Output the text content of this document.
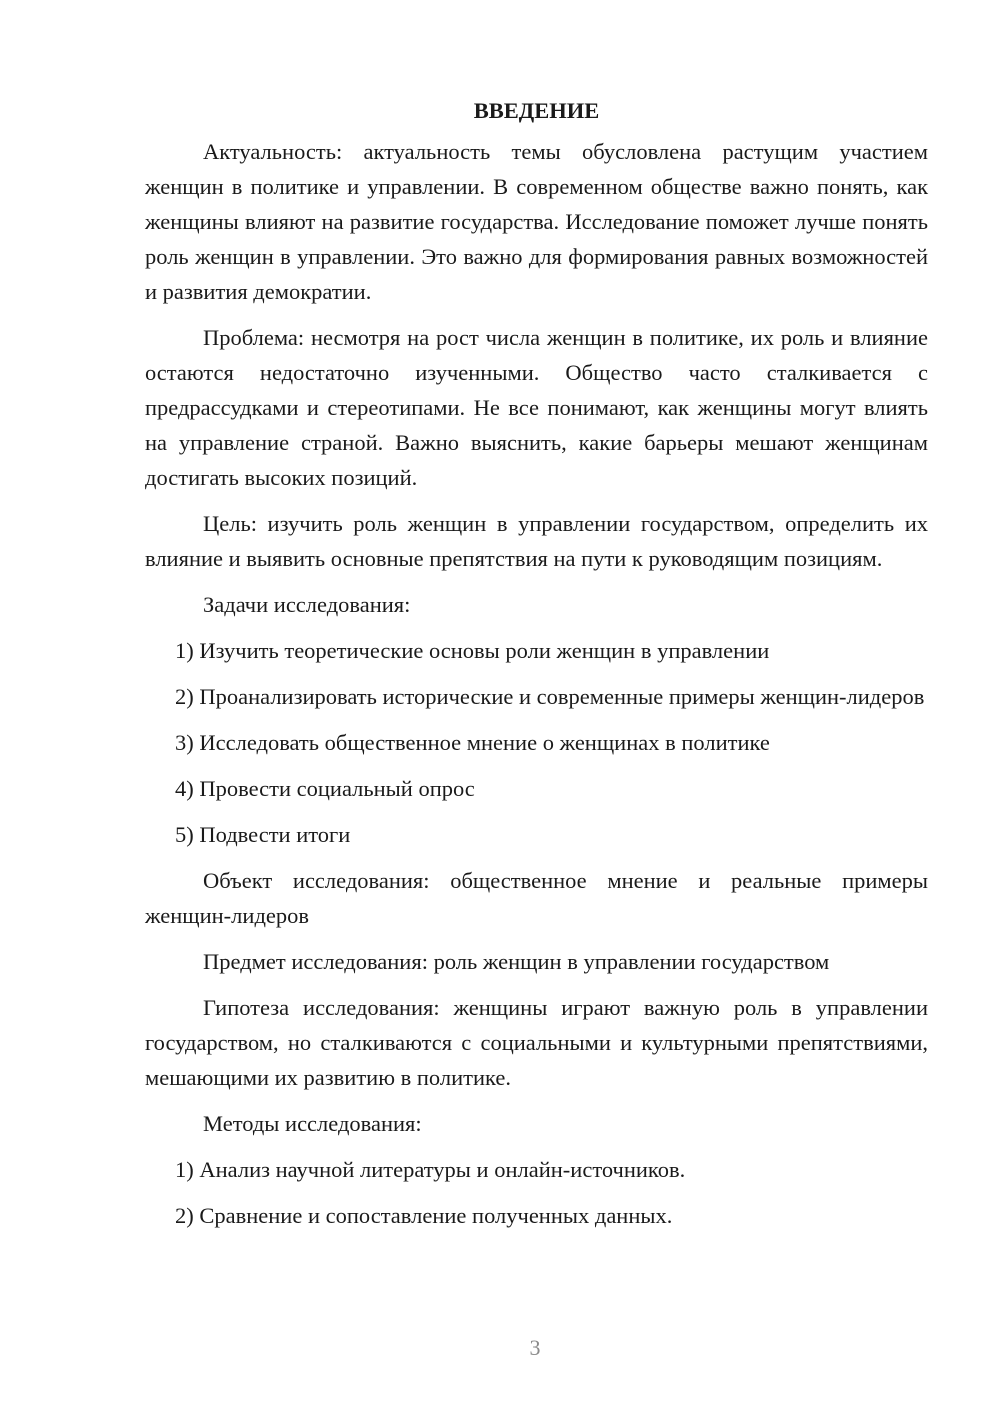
ВВЕДЕНИЕ

Актуальность: актуальность темы обусловлена растущим участием женщин в политике и управлении. В современном обществе важно понять, как женщины влияют на развитие государства. Исследование поможет лучше понять роль женщин в управлении. Это важно для формирования равных возможностей и развития демократии.

Проблема: несмотря на рост числа женщин в политике, их роль и влияние остаются недостаточно изученными. Общество часто сталкивается с предрассудками и стереотипами. Не все понимают, как женщины могут влиять на управление страной. Важно выяснить, какие барьеры мешают женщинам достигать высоких позиций.

Цель: изучить роль женщин в управлении государством, определить их влияние и выявить основные препятствия на пути к руководящим позициям.

Задачи исследования:

1) Изучить теоретические основы роли женщин в управлении

2) Проанализировать исторические и современные примеры женщин-лидеров

3) Исследовать общественное мнение о женщинах в политике

4) Провести социальный опрос

5) Подвести итоги

Объект исследования: общественное мнение и реальные примеры женщин-лидеров

Предмет исследования: роль женщин в управлении государством

Гипотеза исследования: женщины играют важную роль в управлении государством, но сталкиваются с социальными и культурными препятствиями, мешающими их развитию в политике.

Методы исследования:

1) Анализ научной литературы и онлайн-источников.

2) Сравнение и сопоставление полученных данных.

3
